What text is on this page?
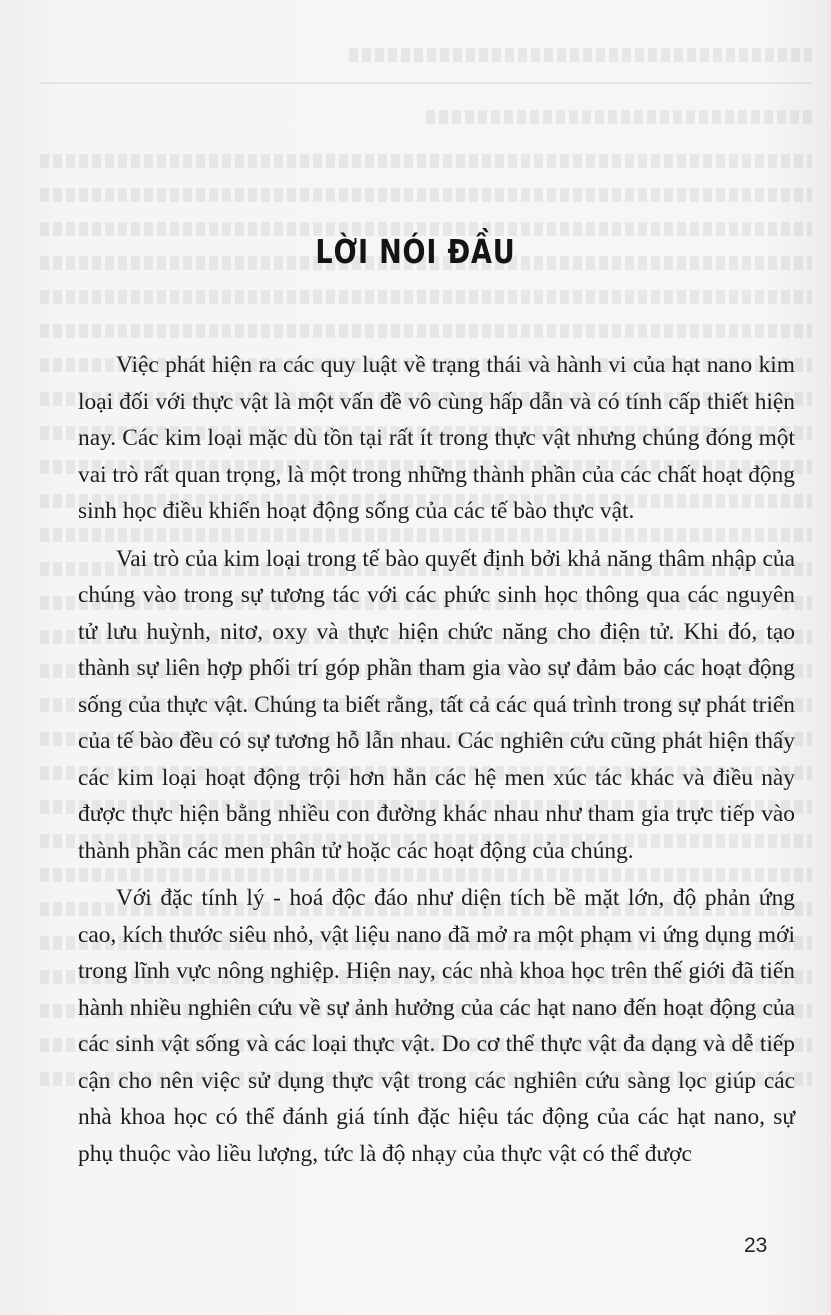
LỜI NÓI ĐẦU

Việc phát hiện ra các quy luật về trạng thái và hành vi của hạt nano kim loại đối với thực vật là một vấn đề vô cùng hấp dẫn và có tính cấp thiết hiện nay. Các kim loại mặc dù tồn tại rất ít trong thực vật nhưng chúng đóng một vai trò rất quan trọng, là một trong những thành phần của các chất hoạt động sinh học điều khiển hoạt động sống của các tế bào thực vật.

Vai trò của kim loại trong tế bào quyết định bởi khả năng thâm nhập của chúng vào trong sự tương tác với các phức sinh học thông qua các nguyên tử lưu huỳnh, nitơ, oxy và thực hiện chức năng cho điện tử. Khi đó, tạo thành sự liên hợp phối trí góp phần tham gia vào sự đảm bảo các hoạt động sống của thực vật. Chúng ta biết rằng, tất cả các quá trình trong sự phát triển của tế bào đều có sự tương hỗ lẫn nhau. Các nghiên cứu cũng phát hiện thấy các kim loại hoạt động trội hơn hẳn các hệ men xúc tác khác và điều này được thực hiện bằng nhiều con đường khác nhau như tham gia trực tiếp vào thành phần các men phân tử hoặc các hoạt động của chúng.

Với đặc tính lý - hoá độc đáo như diện tích bề mặt lớn, độ phản ứng cao, kích thước siêu nhỏ, vật liệu nano đã mở ra một phạm vi ứng dụng mới trong lĩnh vực nông nghiệp. Hiện nay, các nhà khoa học trên thế giới đã tiến hành nhiều nghiên cứu về sự ảnh hưởng của các hạt nano đến hoạt động của các sinh vật sống và các loại thực vật. Do cơ thể thực vật đa dạng và dễ tiếp cận cho nên việc sử dụng thực vật trong các nghiên cứu sàng lọc giúp các nhà khoa học có thể đánh giá tính đặc hiệu tác động của các hạt nano, sự phụ thuộc vào liều lượng, tức là độ nhạy của thực vật có thể được

23
